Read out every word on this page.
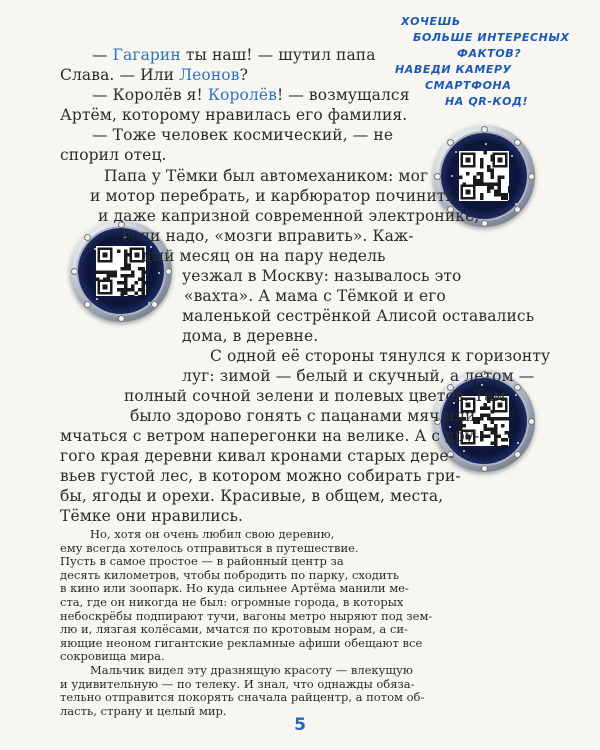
ХОЧЕШЬ
БОЛЬШЕ ИНТЕРЕСНЫХ
ФАКТОВ?
НАВЕДИ КАМЕРУ
СМАРТФОНА
НА QR-КОД!
— Гагарин ты наш! — шутил папа
Слава. — Или Леонов?
— Королёв я! Королёв! — возмущался
Артём, которому нравилась его фамилия.
— Тоже человек космический, — не
спорил отец.
Папа у Тёмки был автомехаником: мог
и мотор перебрать, и карбюратор починить,
и даже капризной современной электронике,
если надо, «мозги вправить». Каж-
дый месяц он на пару недель
уезжал в Москву: называлось это
«вахта». А мама с Тёмкой и его
маленькой сестрёнкой Алисой оставались
дома, в деревне.
С одной её стороны тянулся к горизонту
луг: зимой — белый и скучный, а летом —
полный сочной зелени и полевых цветов. Там
было здорово гонять с пацанами мяч или
мчаться с ветром наперегонки на велике. А с дру-
гого края деревни кивал кронами старых дере-
вьев густой лес, в котором можно собирать гри-
бы, ягоды и орехи. Красивые, в общем, места,
Тёмке они нравились.
5
Но, хотя он очень любил свою деревню,
ему всегда хотелось отправиться в путешествие.
Пусть в самое простое — в районный центр за
десять километров, чтобы побродить по парку, сходить
в кино или зоопарк. Но куда сильнее Артёма манили ме-
ста, где он никогда не был: огромные города, в которых
небоскрёбы подпирают тучи, вагоны метро ныряют под зем-
лю и, лязгая колёсами, мчатся по кротовым норам, а си-
яющие неоном гигантские рекламные афиши обещают все
сокровища мира.
Мальчик видел эту дразнящую красоту — влекущую
и удивительную — по телеку. И знал, что однажды обяза-
тельно отправится покорять сначала райцентр, а потом об-
ласть, страну и целый мир.
